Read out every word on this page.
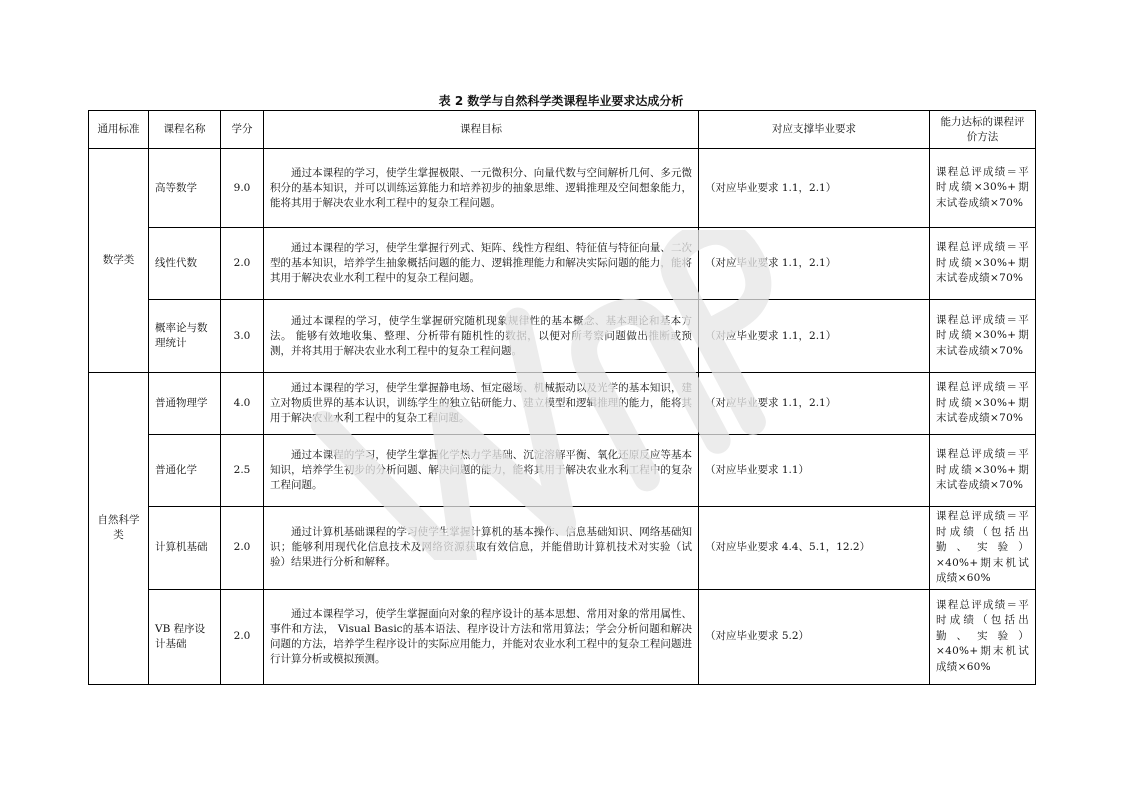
表 2 数学与自然科学类课程毕业要求达成分析
通用标准	课程名称	学分	课程目标	对应支撑毕业要求	能力达标的课程评价方法
数学类	高等数学	9.0	通过本课程的学习，使学生掌握极限、一元微积分、向量代数与空间解析几何、多元微积分的基本知识，并可以训练运算能力和培养初步的抽象思维、逻辑推理及空间想象能力，能将其用于解决农业水利工程中的复杂工程问题。	（对应毕业要求 1.1，2.1）	课程总评成绩＝平时成绩×30%+期末试卷成绩×70%
	线性代数	2.0	通过本课程的学习，使学生掌握行列式、矩阵、线性方程组、特征值与特征向量、二次型的基本知识，培养学生抽象概括问题的能力、逻辑推理能力和解决实际问题的能力，能将其用于解决农业水利工程中的复杂工程问题。	（对应毕业要求 1.1，2.1）	课程总评成绩＝平时成绩×30%+期末试卷成绩×70%
	概率论与数理统计	3.0	通过本课程的学习，使学生掌握研究随机现象规律性的基本概念、基本理论和基本方法。 能够有效地收集、整理、分析带有随机性的数据，以便对所考察问题做出推断或预测，并将其用于解决农业水利工程中的复杂工程问题。	（对应毕业要求 1.1，2.1）	课程总评成绩＝平时成绩×30%+期末试卷成绩×70%
自然科学类	普通物理学	4.0	通过本课程的学习，使学生掌握静电场、恒定磁场、机械振动以及光学的基本知识，建立对物质世界的基本认识，训练学生的独立钻研能力、建立模型和逻辑推理的能力，能将其用于解决农业水利工程中的复杂工程问题。	（对应毕业要求 1.1，2.1）	课程总评成绩＝平时成绩×30%+期末试卷成绩×70%
	普通化学	2.5	通过本课程的学习，使学生掌握化学热力学基础、沉淀溶解平衡、氧化还原反应等基本知识，培养学生初步的分析问题、解决问题的能力，能将其用于解决农业水利工程中的复杂工程问题。	（对应毕业要求 1.1）	课程总评成绩＝平时成绩×30%+期末试卷成绩×70%
	计算机基础	2.0	通过计算机基础课程的学习使学生掌握计算机的基本操作、信息基础知识、网络基础知识；能够利用现代化信息技术及网络资源获取有效信息，并能借助计算机技术对实验（试验）结果进行分析和解释。	（对应毕业要求 4.4、5.1，12.2）	课程总评成绩＝平时成绩（包括出勤、实验）×40%+期末机试成绩×60%
	VB 程序设计基础	2.0	通过本课程学习，使学生掌握面向对象的程序设计的基本思想、常用对象的常用属性、事件和方法， Visual Basic的基本语法、程序设计方法和常用算法；学会分析问题和解决问题的方法，培养学生程序设计的实际应用能力，并能对农业水利工程中的复杂工程问题进行计算分析或模拟预测。	（对应毕业要求 5.2）	课程总评成绩＝平时成绩（包括出勤、实验）×40%+期末机试成绩×60%
